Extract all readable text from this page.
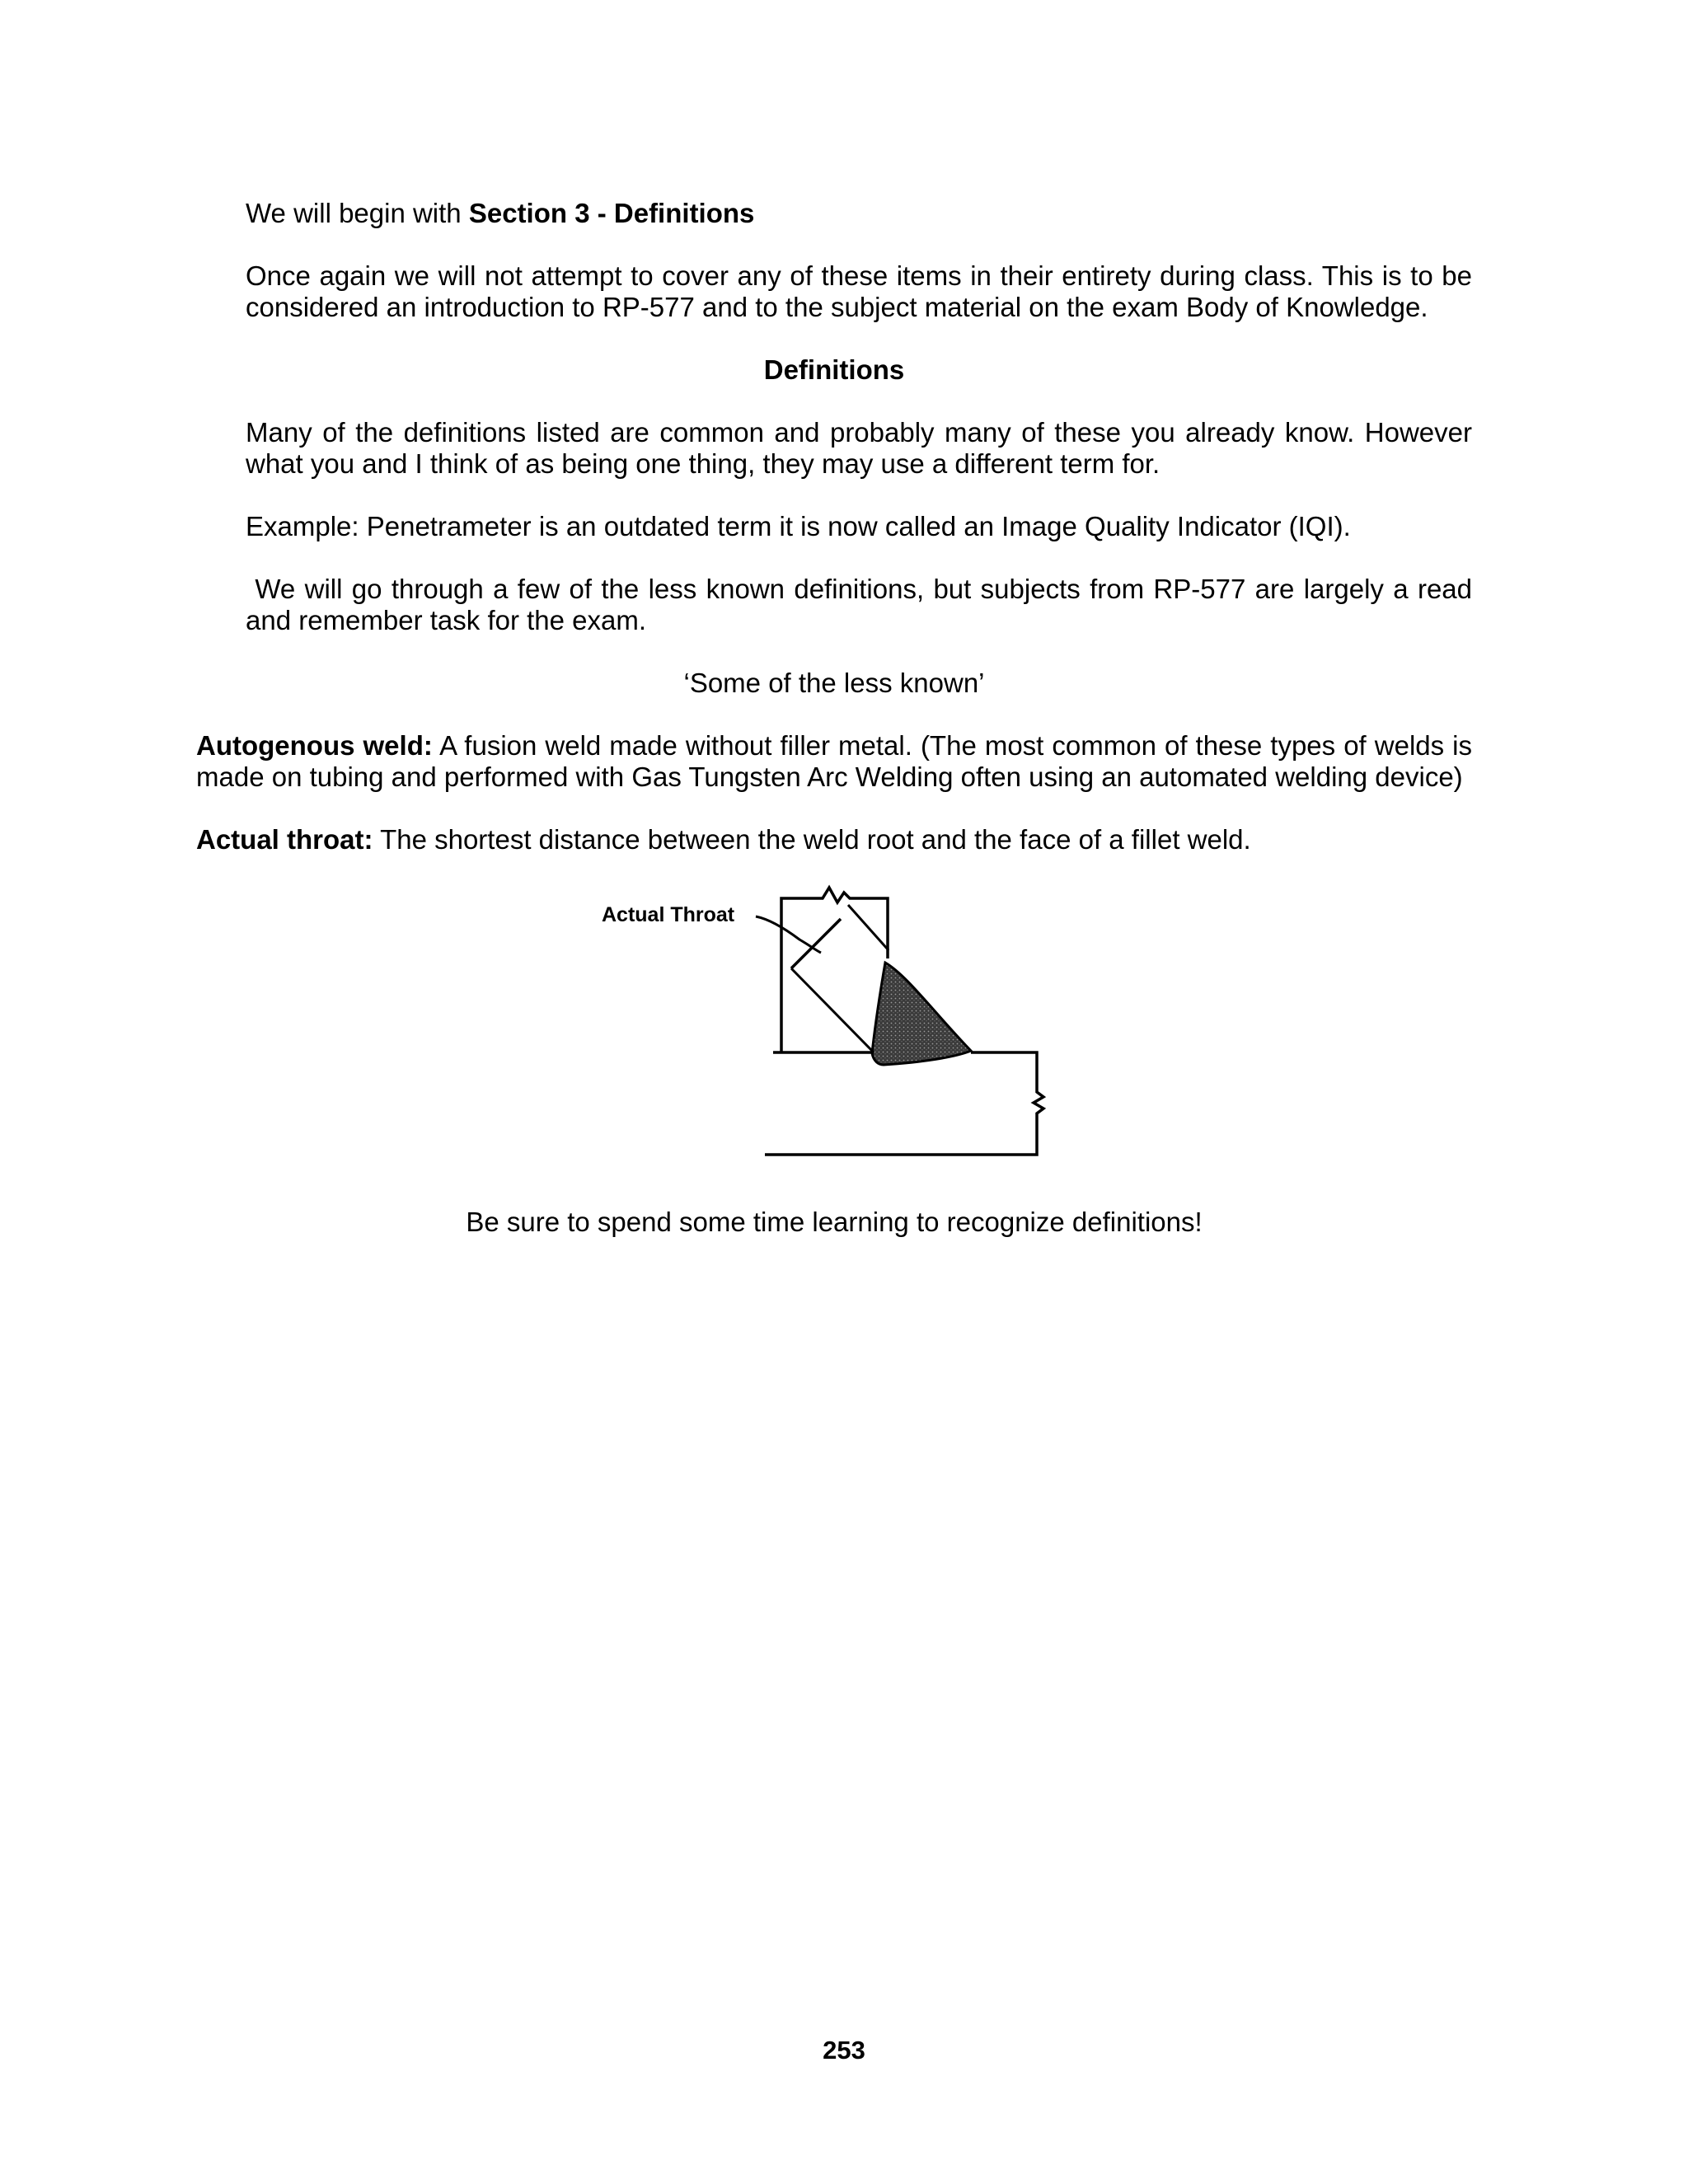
We will begin with Section 3 - Definitions

Once again we will not attempt to cover any of these items in their entirety during class. This is to be considered an introduction to RP-577 and to the subject material on the exam Body of Knowledge.

Definitions

Many of the definitions listed are common and probably many of these you already know. However what you and I think of as being one thing, they may use a different term for.

Example: Penetrameter is an outdated term it is now called an Image Quality Indicator (IQI).

We will go through a few of the less known definitions, but subjects from RP-577 are largely a read and remember task for the exam.

‘Some of the less known’

Autogenous weld: A fusion weld made without filler metal. (The most common of these types of welds is made on tubing and performed with Gas Tungsten Arc Welding often using an automated welding device)

Actual throat: The shortest distance between the weld root and the face of a fillet weld.

Actual Throat

Be sure to spend some time learning to recognize definitions!

253
